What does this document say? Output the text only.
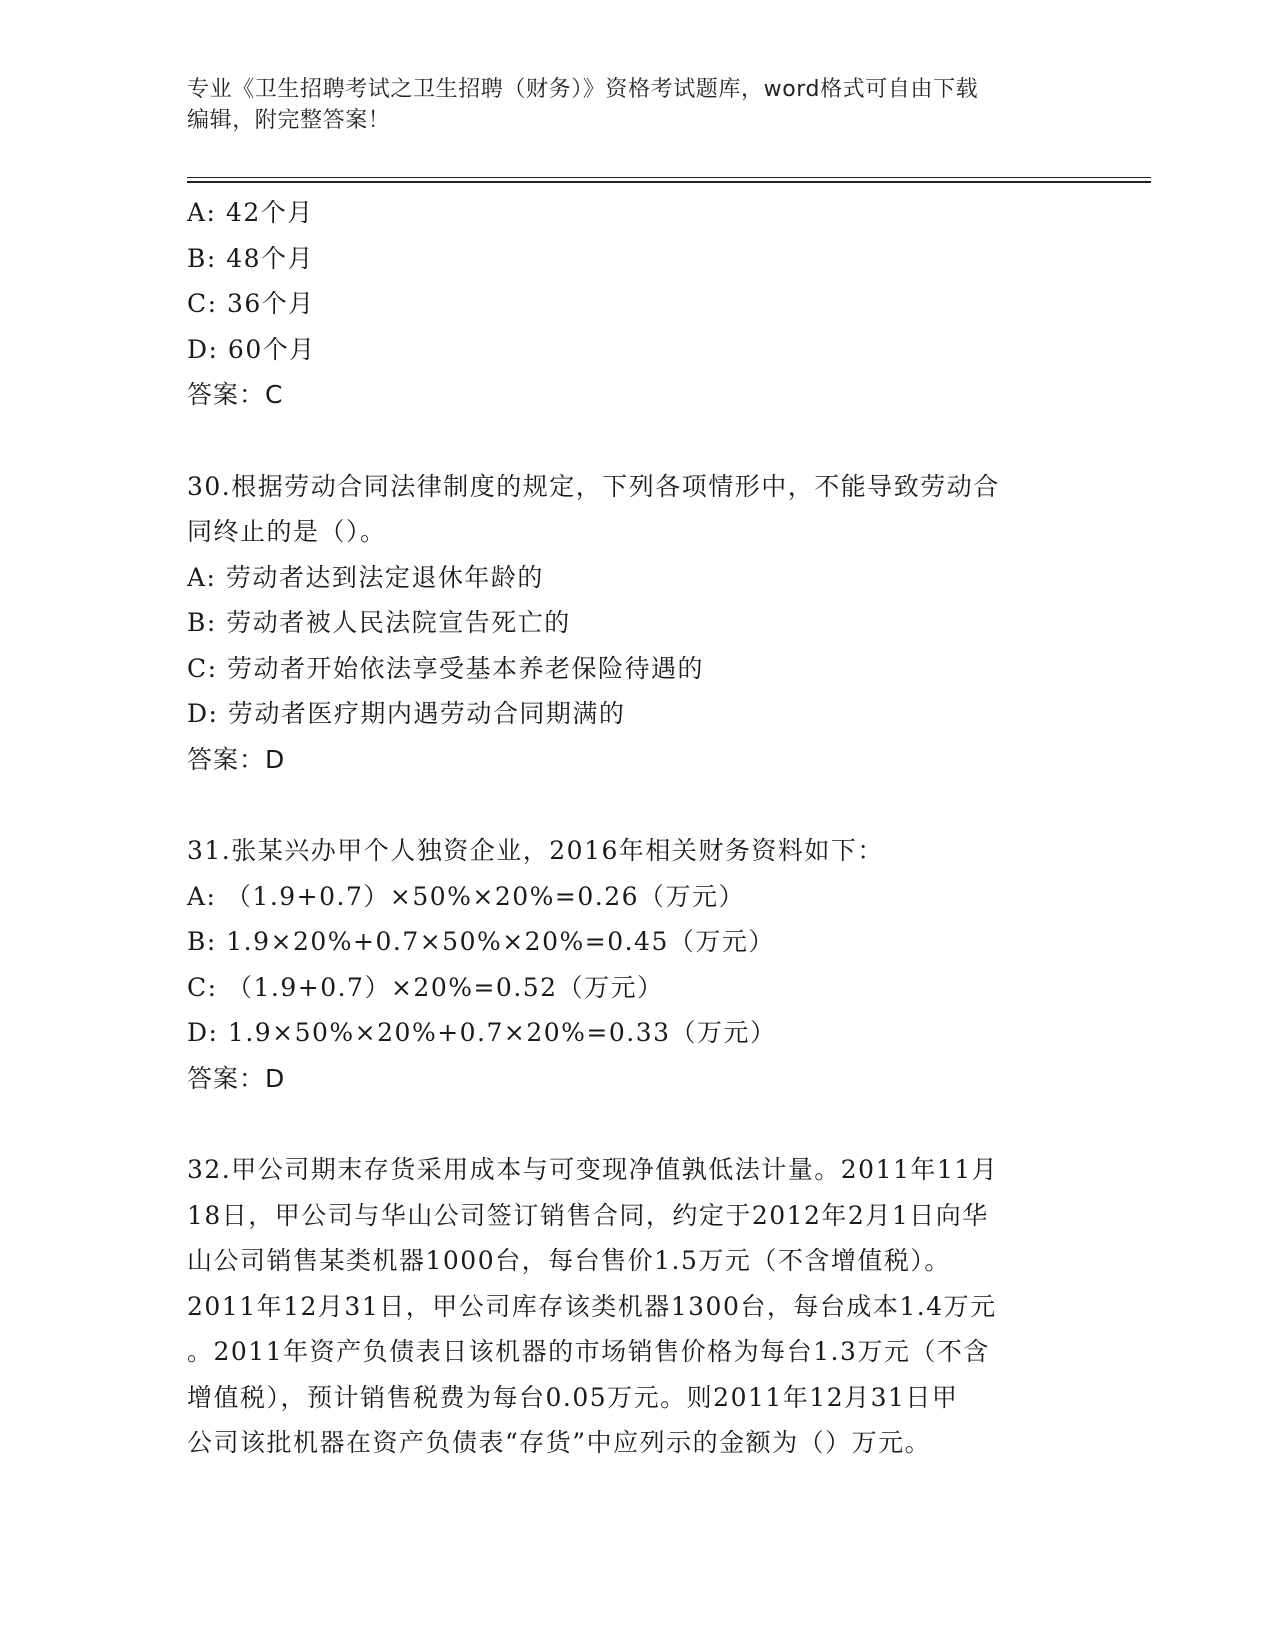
专业《卫生招聘考试之卫生招聘（财务）》资格考试题库，word格式可自由下载
编辑，附完整答案！
A: 42个月
B: 48个月
C: 36个月
D: 60个月
答案：C
30.根据劳动合同法律制度的规定，下列各项情形中，不能导致劳动合
同终止的是（）。
A: 劳动者达到法定退休年龄的
B: 劳动者被人民法院宣告死亡的
C: 劳动者开始依法享受基本养老保险待遇的
D: 劳动者医疗期内遇劳动合同期满的
答案：D
31.张某兴办甲个人独资企业，2016年相关财务资料如下：
A: （1.9+0.7）×50%×20%=0.26（万元）
B: 1.9×20%+0.7×50%×20%=0.45（万元）
C: （1.9+0.7）×20%=0.52（万元）
D: 1.9×50%×20%+0.7×20%=0.33（万元）
答案：D
32.甲公司期末存货采用成本与可变现净值孰低法计量。2011年11月
18日，甲公司与华山公司签订销售合同，约定于2012年2月1日向华
山公司销售某类机器1000台，每台售价1.5万元（不含增值税）。
2011年12月31日，甲公司库存该类机器1300台，每台成本1.4万元
。2011年资产负债表日该机器的市场销售价格为每台1.3万元（不含
增值税），预计销售税费为每台0.05万元。则2011年12月31日甲
公司该批机器在资产负债表“存货”中应列示的金额为（）万元。
